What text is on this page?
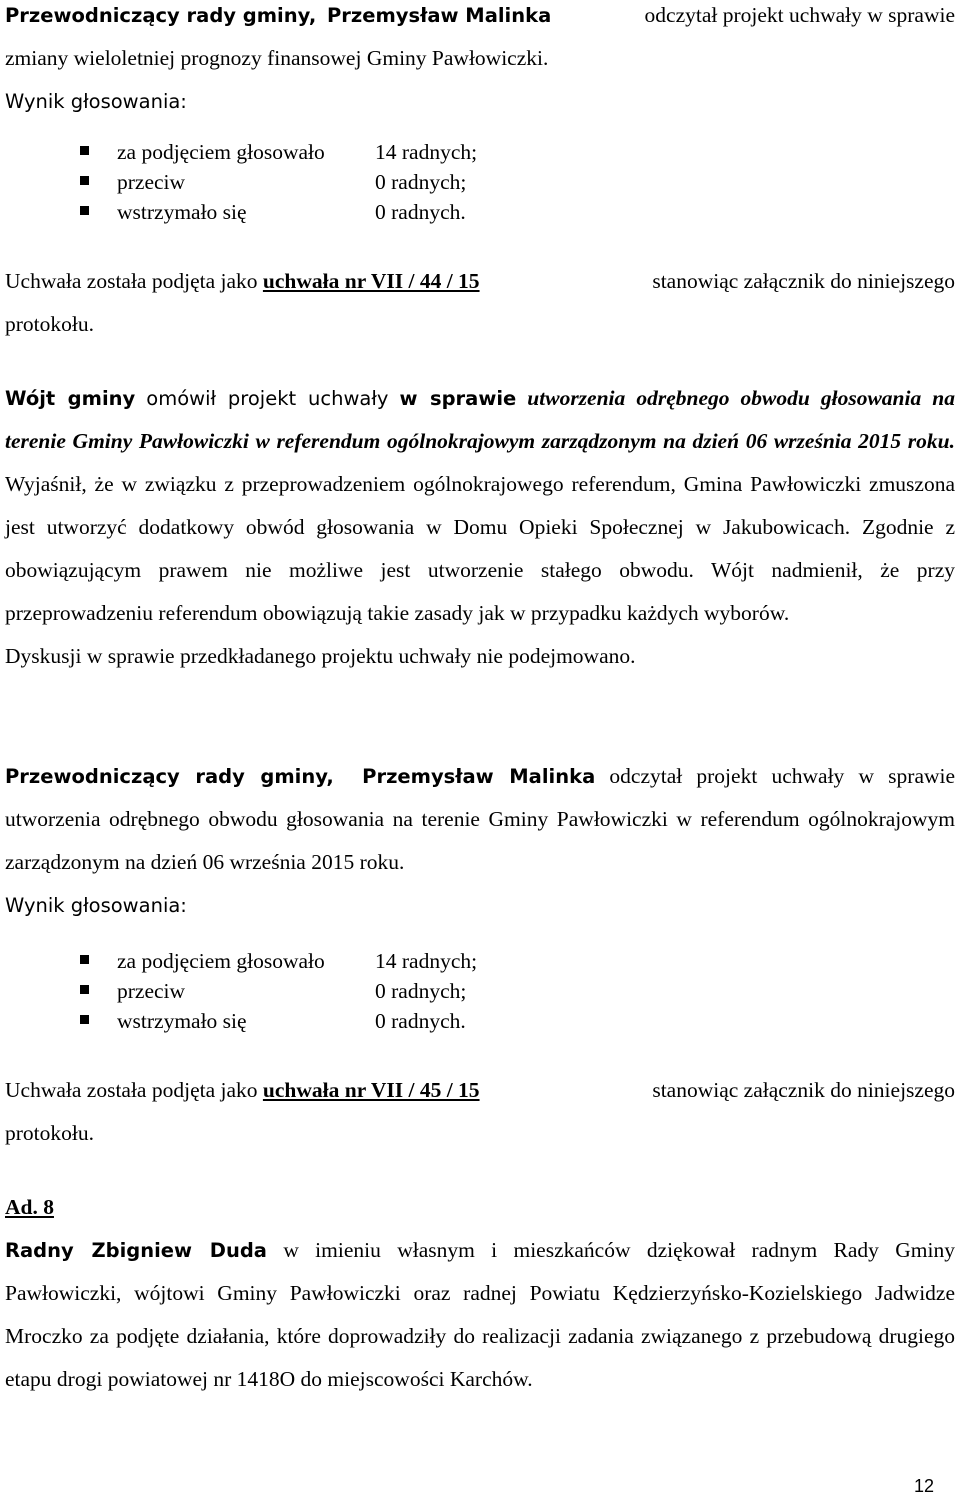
Przewodniczący rady gminy, Przemysław Malinka	odczytał projekt uchwały w sprawie
zmiany wieloletniej prognozy finansowej Gminy Pawłowiczki.
Wynik głosowania:
za podjęciem głosowało 14 radnych;
przeciw	0 radnych;
wstrzymało się	0 radnych.
Uchwała została podjęta jako uchwała nr VII / 44 / 15	stanowiąc załącznik do niniejszego
protokołu.
Wójt gminy omówił projekt uchwały w sprawie utworzenia odrębnego obwodu głosowania na terenie Gminy Pawłowiczki w referendum ogólnokrajowym zarządzonym na dzień 06 września 2015 roku. Wyjaśnił, że w związku z przeprowadzeniem ogólnokrajowego referendum, Gmina Pawłowiczki zmuszona jest utworzyć dodatkowy obwód głosowania w Domu Opieki Społecznej w Jakubowicach. Zgodnie z obowiązującym prawem nie możliwe jest utworzenie stałego obwodu. Wójt nadmienił, że przy przeprowadzeniu referendum obowiązują takie zasady jak w przypadku każdych wyborów.
Dyskusji w sprawie przedkładanego projektu uchwały nie podejmowano.
Przewodniczący rady gminy, Przemysław Malinka odczytał projekt uchwały w sprawie utworzenia odrębnego obwodu głosowania na terenie Gminy Pawłowiczki w referendum ogólnokrajowym zarządzonym na dzień 06 września 2015 roku.
Wynik głosowania:
za podjęciem głosowało 14 radnych;
przeciw	0 radnych;
wstrzymało się	0 radnych.
Uchwała została podjęta jako uchwała nr VII / 45 / 15	stanowiąc załącznik do niniejszego
protokołu.
Ad. 8
Radny Zbigniew Duda w imieniu własnym i mieszkańców dziękował radnym Rady Gminy Pawłowiczki, wójtowi Gminy Pawłowiczki oraz radnej Powiatu Kędzierzyńsko-Kozielskiego Jadwidze Mroczko za podjęte działania, które doprowadziły do realizacji zadania związanego z przebudową drugiego etapu drogi powiatowej nr 1418O do miejscowości Karchów.
12
